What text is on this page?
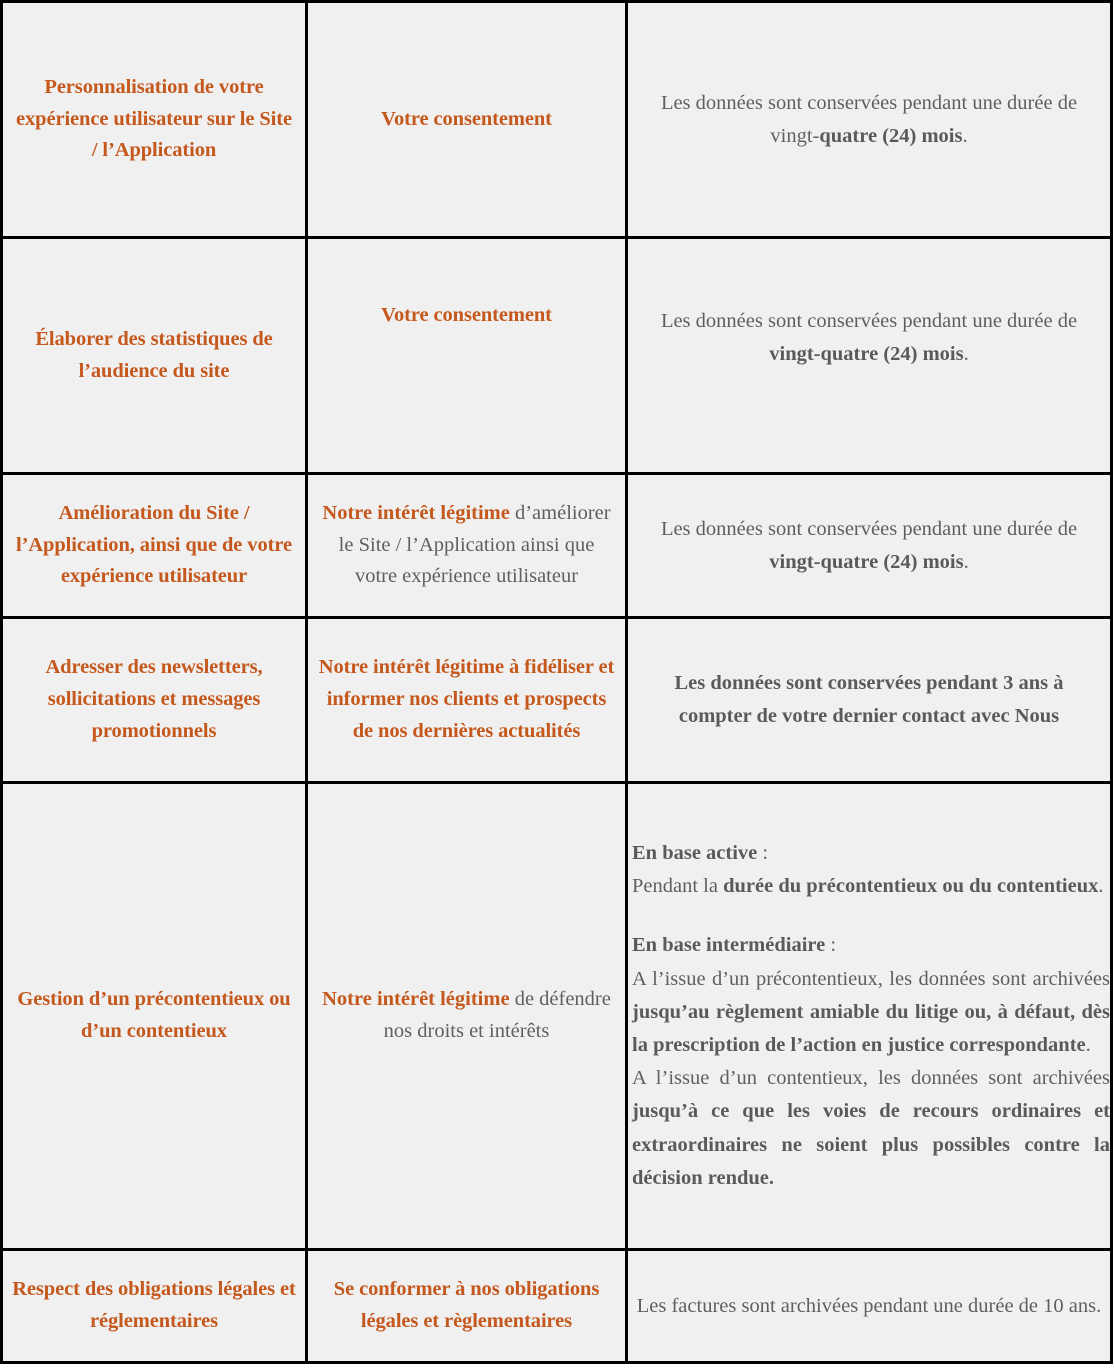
Personnalisation de votre expérience utilisateur sur le Site / l’Application	Votre consentement	Les données sont conservées pendant une durée de vingt-quatre (24) mois.

Élaborer des statistiques de l’audience du site	Votre consentement	Les données sont conservées pendant une durée de vingt-quatre (24) mois.

Amélioration du Site / l’Application, ainsi que de votre expérience utilisateur	Notre intérêt légitime d’améliorer le Site / l’Application ainsi que votre expérience utilisateur	Les données sont conservées pendant une durée de vingt-quatre (24) mois.

Adresser des newsletters, sollicitations et messages promotionnels	Notre intérêt légitime à fidéliser et informer nos clients et prospects de nos dernières actualités	Les données sont conservées pendant 3 ans à compter de votre dernier contact avec Nous

Gestion d’un précontentieux ou d’un contentieux	Notre intérêt légitime de défendre nos droits et intérêts	En base active :

Pendant la durée du précontentieux ou du contentieux.

En base intermédiaire :

A l’issue d’un précontentieux, les données sont archivées jusqu’au règlement amiable du litige ou, à défaut, dès la prescription de l’action en justice correspondante.

A l’issue d’un contentieux, les données sont archivées jusqu’à ce que les voies de recours ordinaires et extraordinaires ne soient plus possibles contre la décision rendue.

Respect des obligations légales et réglementaires	Se conformer à nos obligations légales et règlementaires	Les factures sont archivées pendant une durée de 10 ans.
